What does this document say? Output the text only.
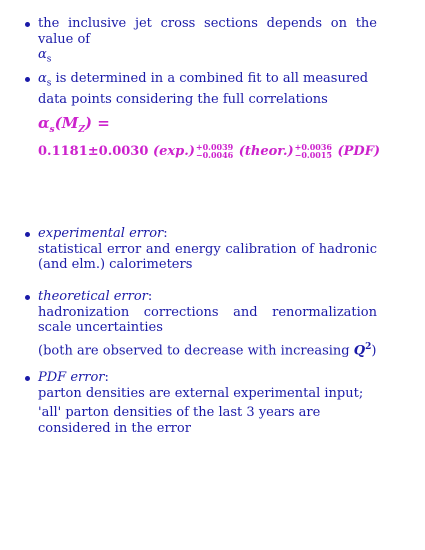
the inclusive jet cross sections depends on the value of
$\alpha_s$

$\alpha_s$ is determined in a combined fit to all measured data points considering the full correlations

$\alpha_s(M_Z)$ =
0.1181±0.0030 (exp.) +0.0039
−0.0046 (theor.) +0.0036
−0.0015 (PDF)

experimental error:
statistical error and energy calibration of hadronic (and elm.) calorimeters

theoretical error:
hadronization corrections and renormalization scale uncertainties

(both are observed to decrease with increasing $Q^2$)

PDF error:
parton densities are external experimental input;

'all' parton densities of the last 3 years are considered in the error
